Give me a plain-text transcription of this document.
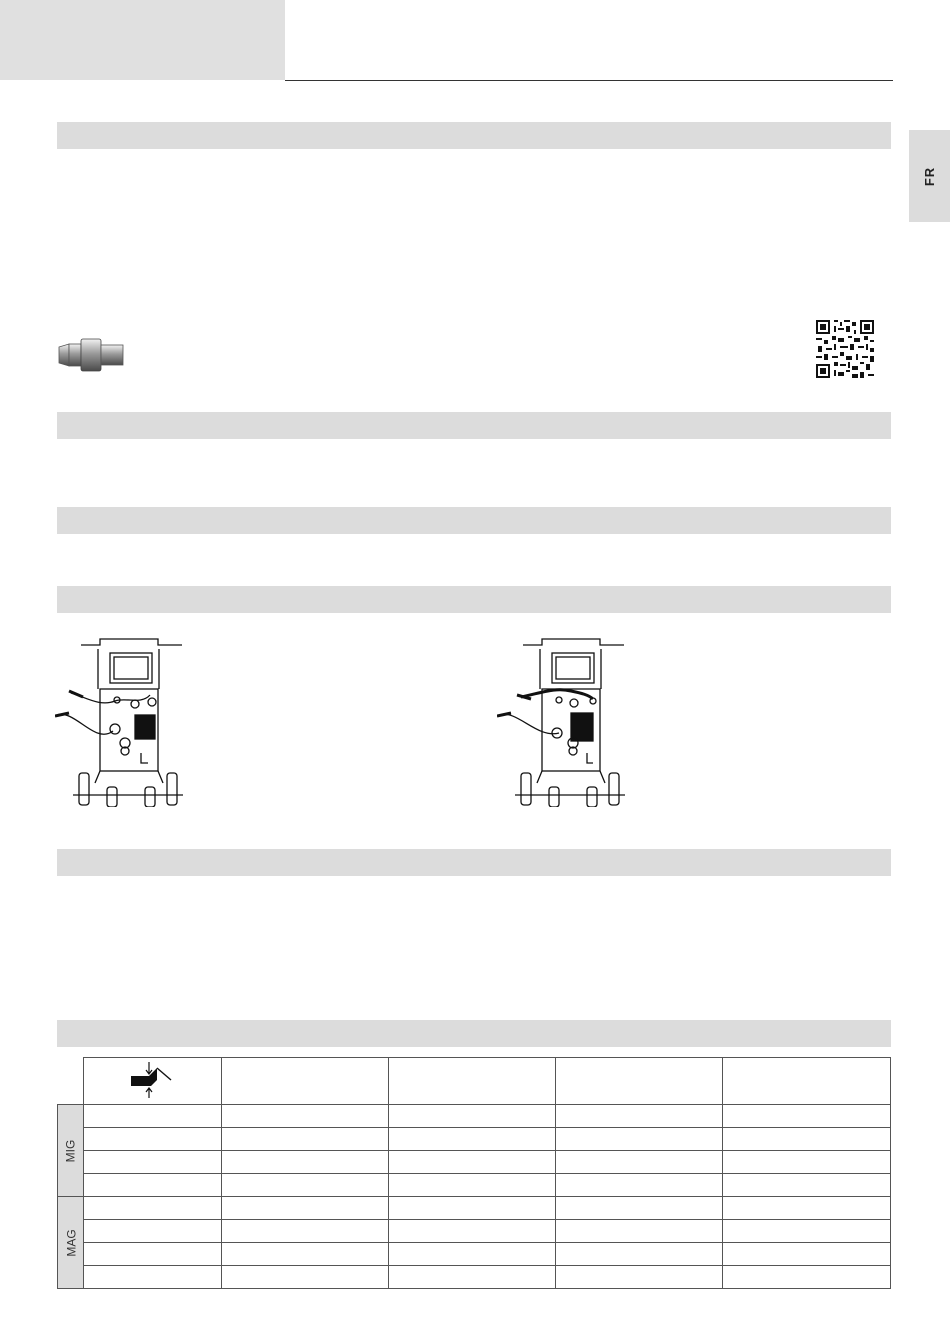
FR

MIG					

MAG					
